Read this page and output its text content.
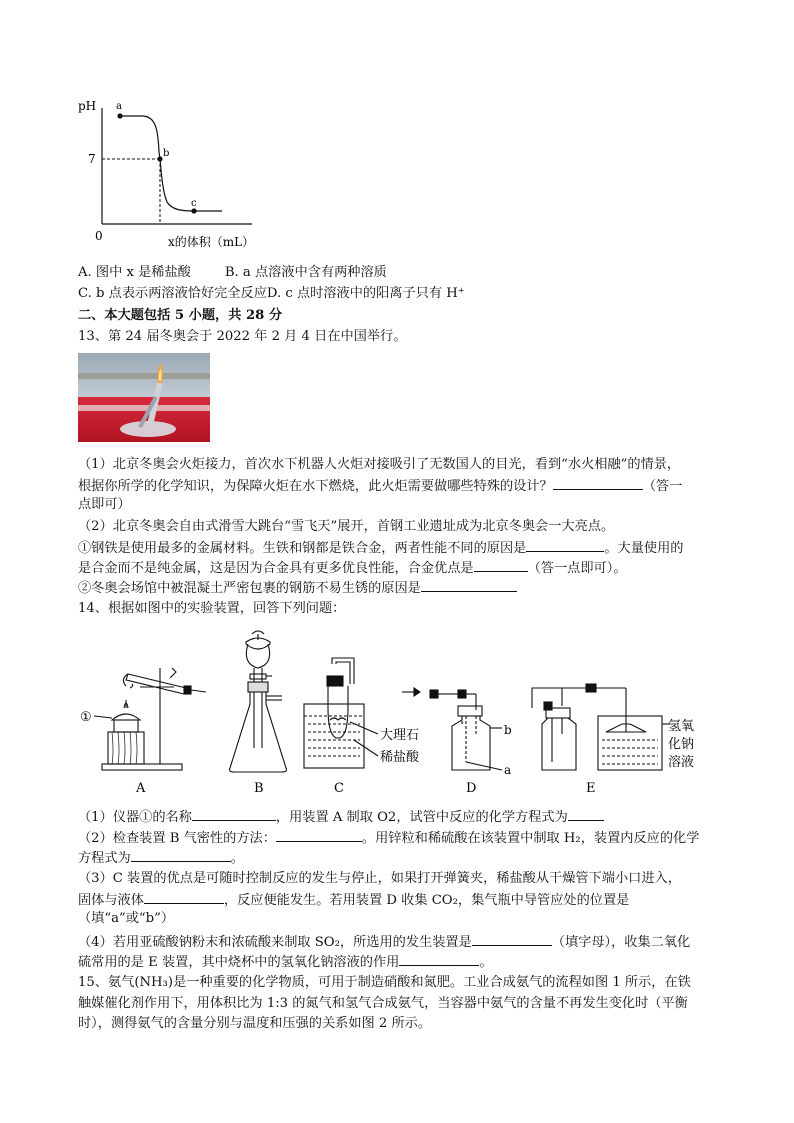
pH
7
0	x的体积（mL）
a
b
c
A. 图中 x 是稀盐酸	B. a 点溶液中含有两种溶质
C. b 点表示两溶液恰好完全反应D. c 点时溶液中的阳离子只有 H⁺
二、本大题包括 5 小题，共 28 分
13、第 24 届冬奥会于 2022 年 2 月 4 日在中国举行。
（1）北京冬奥会火炬接力，首次水下机器人火炬对接吸引了无数国人的目光，看到“水火相融”的情景，
根据你所学的化学知识，为保障火炬在水下燃烧，此火炬需要做哪些特殊的设计？	（答一
点即可）
（2）北京冬奥会自由式滑雪大跳台“雪飞天”展开，首钢工业遗址成为北京冬奥会一大亮点。
①钢铁是使用最多的金属材料。生铁和钢都是铁合金，两者性能不同的原因是	。大量使用的
是合金而不是纯金属，这是因为合金具有更多优良性能，合金优点是	（答一点即可）。
②冬奥会场馆中被混凝土严密包裹的钢筋不易生锈的原因是
14、根据如图中的实验装置，回答下列问题：
①
大理石
稀盐酸
b
a
氢氧
化钠
溶液
A	B	C	D	E
（1）仪器①的名称	，用装置 A 制取 O2，试管中反应的化学方程式为
（2）检查装置 B 气密性的方法：	。用锌粒和稀硫酸在该装置中制取 H₂，装置内反应的化学
方程式为	。
（3）C 装置的优点是可随时控制反应的发生与停止，如果打开弹簧夹，稀盐酸从干燥管下端小口进入，
固体与液体	，反应便能发生。若用装置 D 收集 CO₂，集气瓶中导管应处的位置是
（填“a”或“b”）
（4）若用亚硫酸钠粉末和浓硫酸来制取 SO₂，所选用的发生装置是	（填字母），收集二氧化
硫常用的是 E 装置，其中烧杯中的氢氧化钠溶液的作用	。
15、氨气(NH₃)是一种重要的化学物质，可用于制造硝酸和氮肥。工业合成氨气的流程如图 1 所示，在铁
触媒催化剂作用下，用体积比为 1:3 的氮气和氢气合成氨气，当容器中氨气的含量不再发生变化时（平衡
时），测得氨气的含量分别与温度和压强的关系如图 2 所示。
